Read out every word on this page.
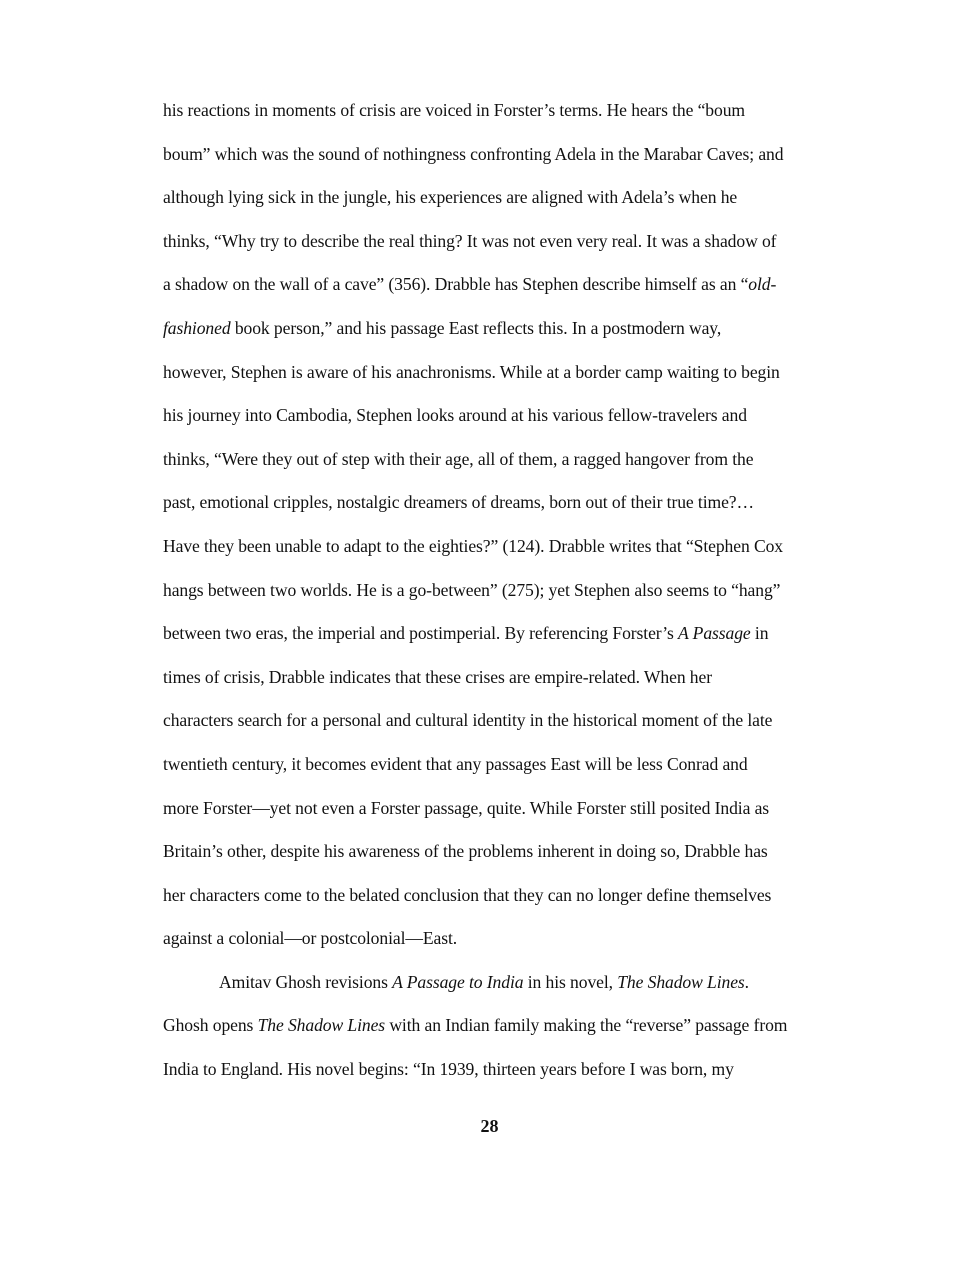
his reactions in moments of crisis are voiced in Forster’s terms. He hears the “boum
boum” which was the sound of nothingness confronting Adela in the Marabar Caves; and
although lying sick in the jungle, his experiences are aligned with Adela’s when he
thinks, “Why try to describe the real thing? It was not even very real. It was a shadow of
a shadow on the wall of a cave” (356). Drabble has Stephen describe himself as an “old-
fashioned book person,” and his passage East reflects this. In a postmodern way,
however, Stephen is aware of his anachronisms. While at a border camp waiting to begin
his journey into Cambodia, Stephen looks around at his various fellow-travelers and
thinks, “Were they out of step with their age, all of them, a ragged hangover from the
past, emotional cripples, nostalgic dreamers of dreams, born out of their true time?…
Have they been unable to adapt to the eighties?” (124). Drabble writes that “Stephen Cox
hangs between two worlds. He is a go-between” (275); yet Stephen also seems to “hang”
between two eras, the imperial and postimperial. By referencing Forster’s A Passage in
times of crisis, Drabble indicates that these crises are empire-related. When her
characters search for a personal and cultural identity in the historical moment of the late
twentieth century, it becomes evident that any passages East will be less Conrad and
more Forster—yet not even a Forster passage, quite. While Forster still posited India as
Britain’s other, despite his awareness of the problems inherent in doing so, Drabble has
her characters come to the belated conclusion that they can no longer define themselves
against a colonial—or postcolonial—East.
Amitav Ghosh revisions A Passage to India in his novel, The Shadow Lines.
Ghosh opens The Shadow Lines with an Indian family making the “reverse” passage from
India to England. His novel begins: “In 1939, thirteen years before I was born, my
28
